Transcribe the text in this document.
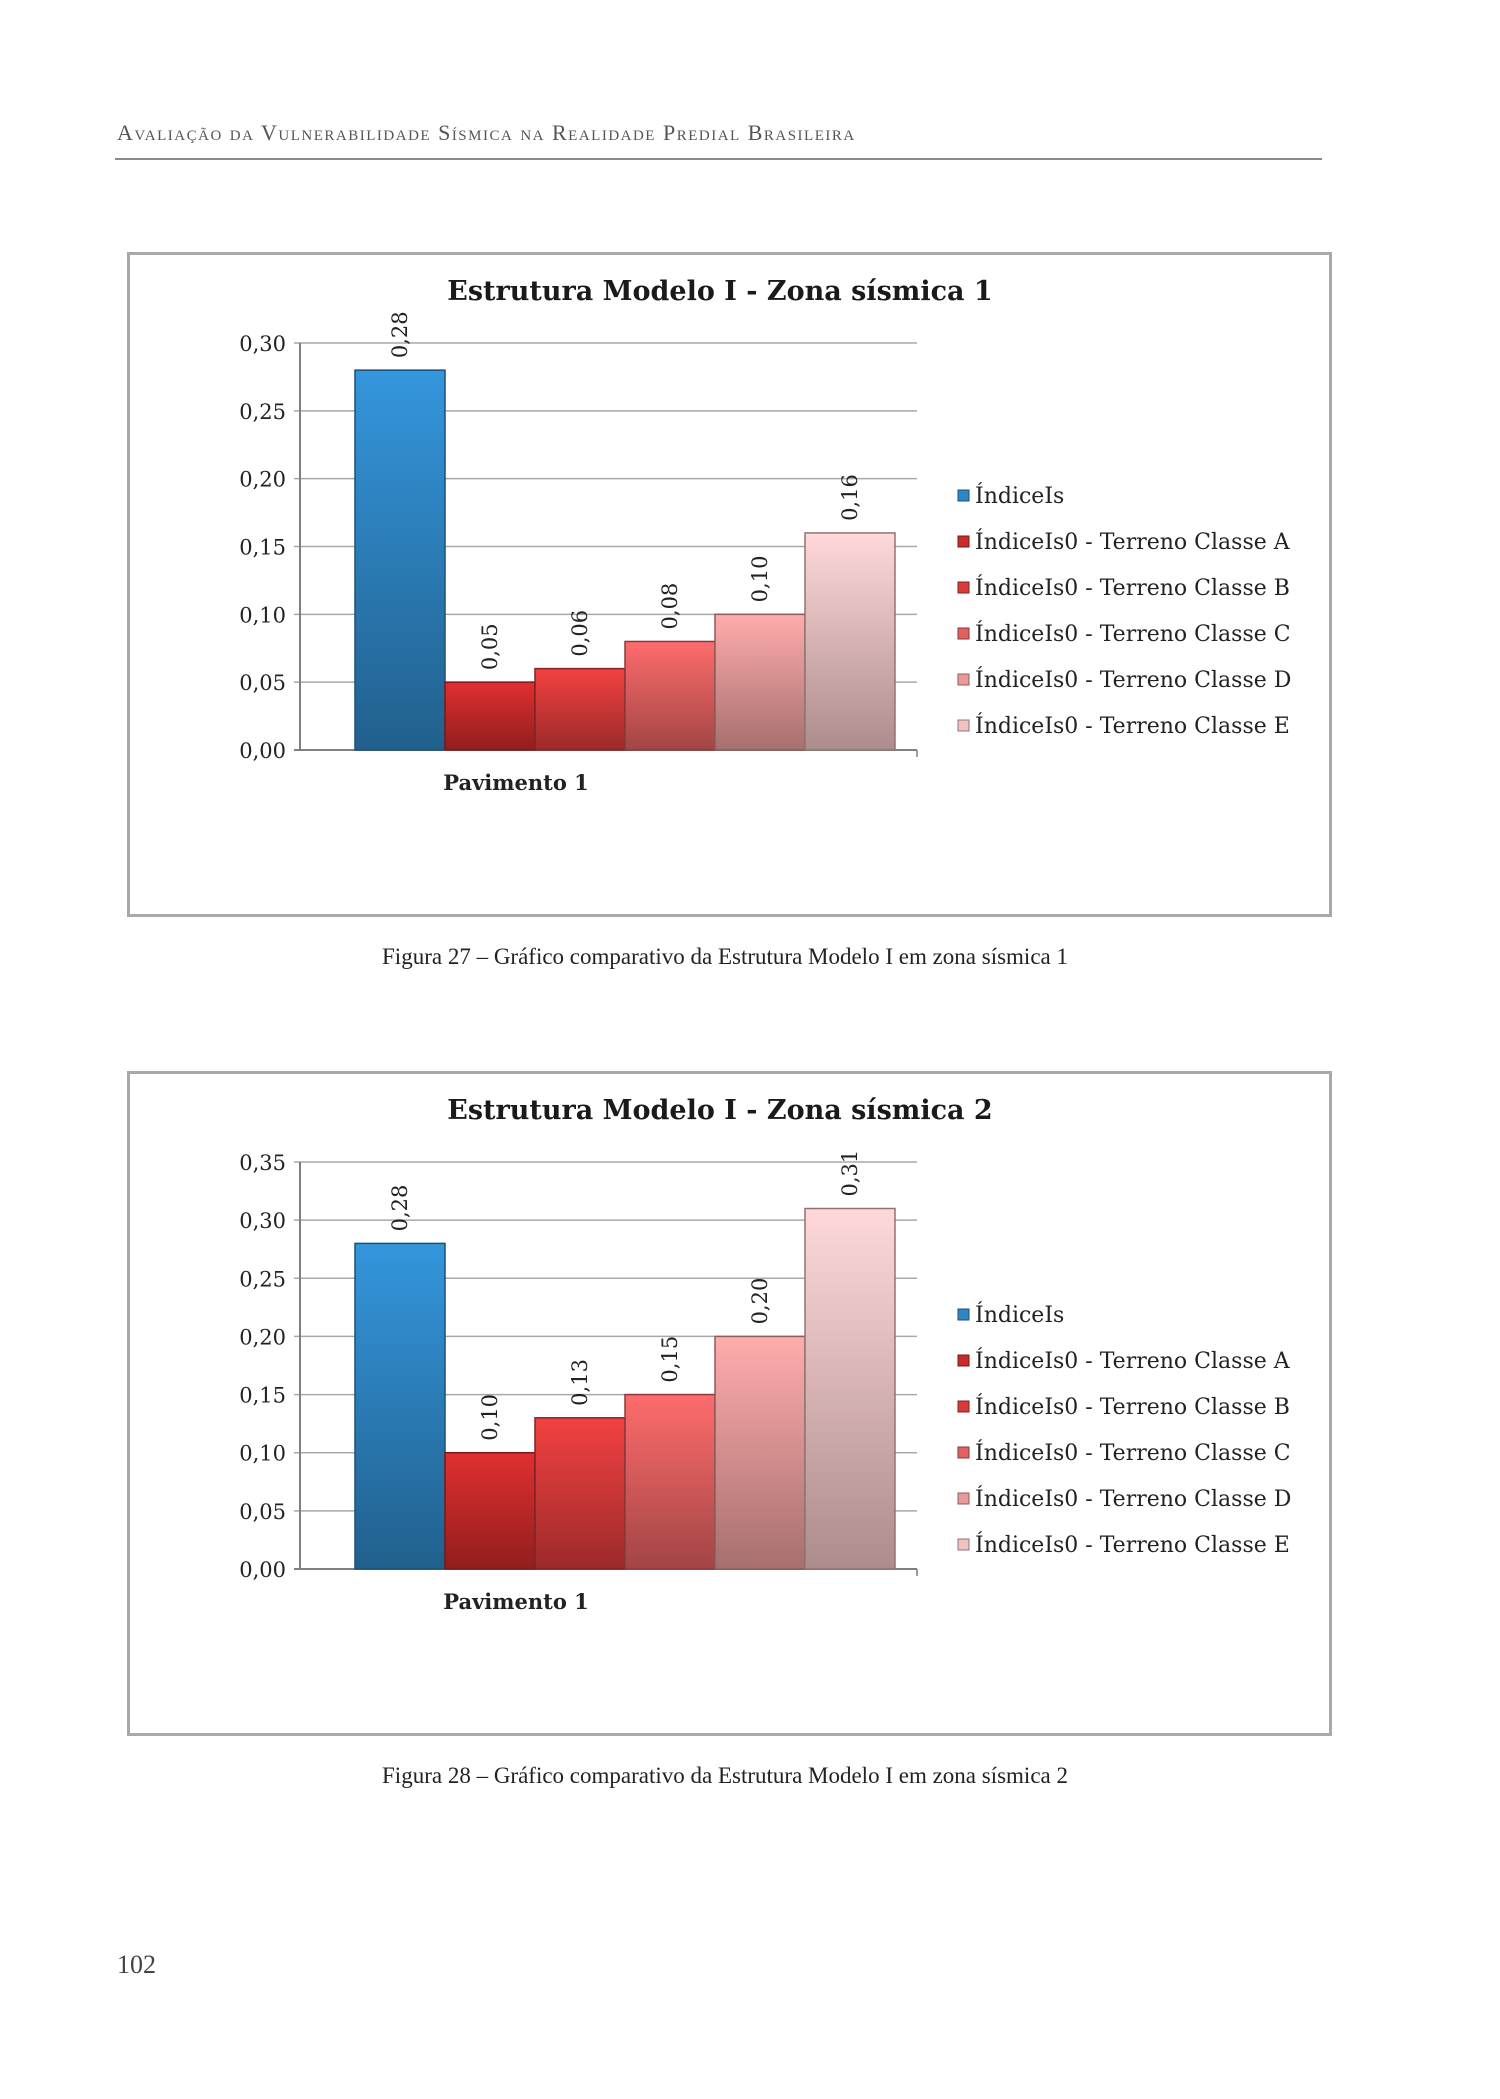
Avaliação da Vulnerabilidade Sísmica na Realidade Predial Brasileira
Estrutura Modelo I - Zona sísmica 1
0,00
0,05
0,10
0,15
0,20
0,25
0,30	0,28
0,05	0,06
0,08
0,10
0,16
Pavimento 1
ÍndiceIs
ÍndiceIs0 - Terreno Classe A
ÍndiceIs0 - Terreno Classe B
ÍndiceIs0 - Terreno Classe C
ÍndiceIs0 - Terreno Classe D
ÍndiceIs0 - Terreno Classe E
Figura 27 – Gráfico comparativo da Estrutura Modelo I em zona sísmica 1
Estrutura Modelo I - Zona sísmica 2
0,00
0,05
0,10
0,15
0,20
0,25
0,30
0,35
0,28
0,10
0,13	0,15
0,20
0,31
Pavimento 1
ÍndiceIs
ÍndiceIs0 - Terreno Classe A
ÍndiceIs0 - Terreno Classe B
ÍndiceIs0 - Terreno Classe C
ÍndiceIs0 - Terreno Classe D
ÍndiceIs0 - Terreno Classe E
Figura 28 – Gráfico comparativo da Estrutura Modelo I em zona sísmica 2
102
